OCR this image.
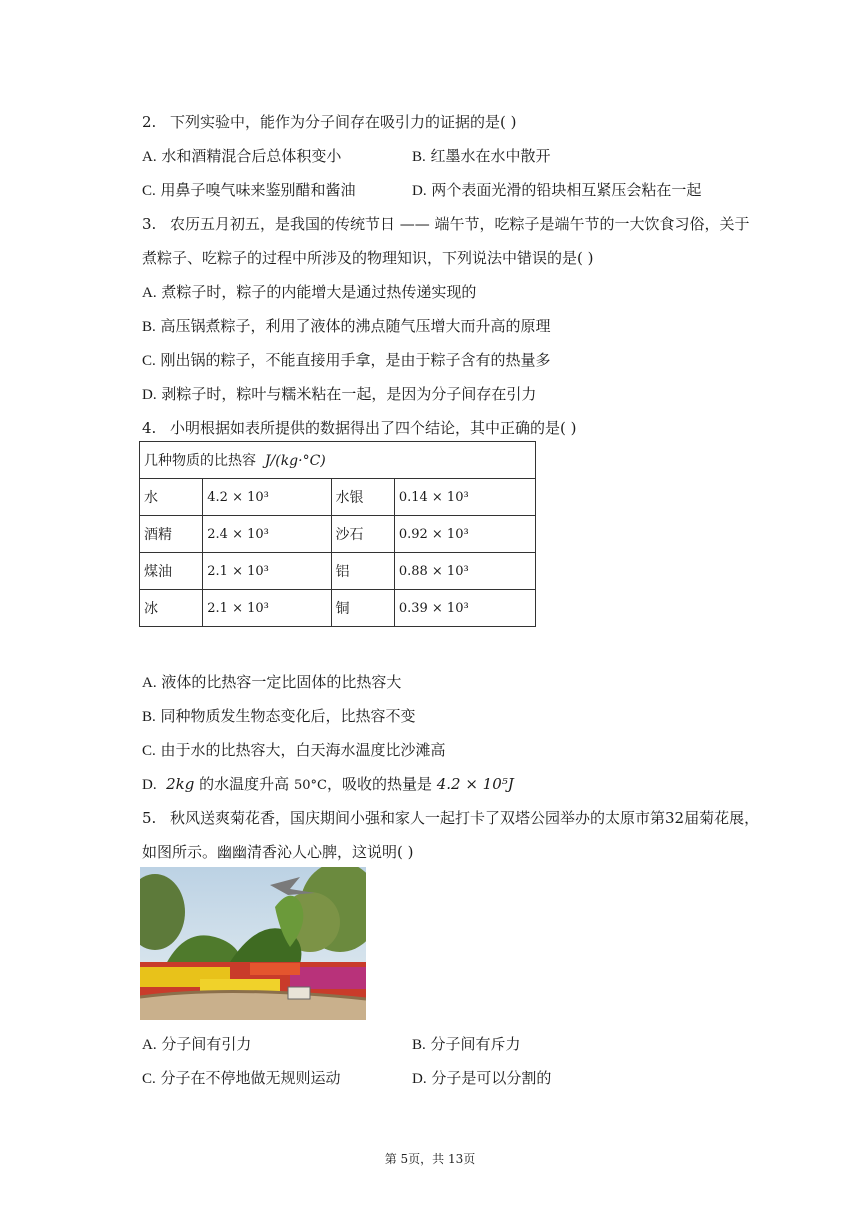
2. 下列实验中，能作为分子间存在吸引力的证据的是( )
A. 水和酒精混合后总体积变小	B. 红墨水在水中散开
C. 用鼻子嗅气味来鉴别醋和酱油	D. 两个表面光滑的铅块相互紧压会粘在一起
3. 农历五月初五，是我国的传统节日 —— 端午节，吃粽子是端午节的一大饮食习俗，关于
煮粽子、吃粽子的过程中所涉及的物理知识，下列说法中错误的是( )
A. 煮粽子时，粽子的内能增大是通过热传递实现的
B. 高压锅煮粽子，利用了液体的沸点随气压增大而升高的原理
C. 刚出锅的粽子，不能直接用手拿，是由于粽子含有的热量多
D. 剥粽子时，粽叶与糯米粘在一起，是因为分子间存在引力
4. 小明根据如表所提供的数据得出了四个结论，其中正确的是( )
几种物质的比热容 J/(kg·°C)			
水	4.2 × 10³	水银	0.14 × 10³
酒精	2.4 × 10³	沙石	0.92 × 10³
煤油	2.1 × 10³	铝	0.88 × 10³
冰	2.1 × 10³	铜	0.39 × 10³
A. 液体的比热容一定比固体的比热容大
B. 同种物质发生物态变化后，比热容不变
C. 由于水的比热容大，白天海水温度比沙滩高
D. 2kg 的水温度升高 50°C，吸收的热量是 4.2 × 10⁵J
5. 秋风送爽菊花香，国庆期间小强和家人一起打卡了双塔公园举办的太原市第32届菊花展，
如图所示。幽幽清香沁人心脾，这说明( )
A. 分子间有引力	B. 分子间有斥力
C. 分子在不停地做无规则运动	D. 分子是可以分割的
第 5页，共 13页
